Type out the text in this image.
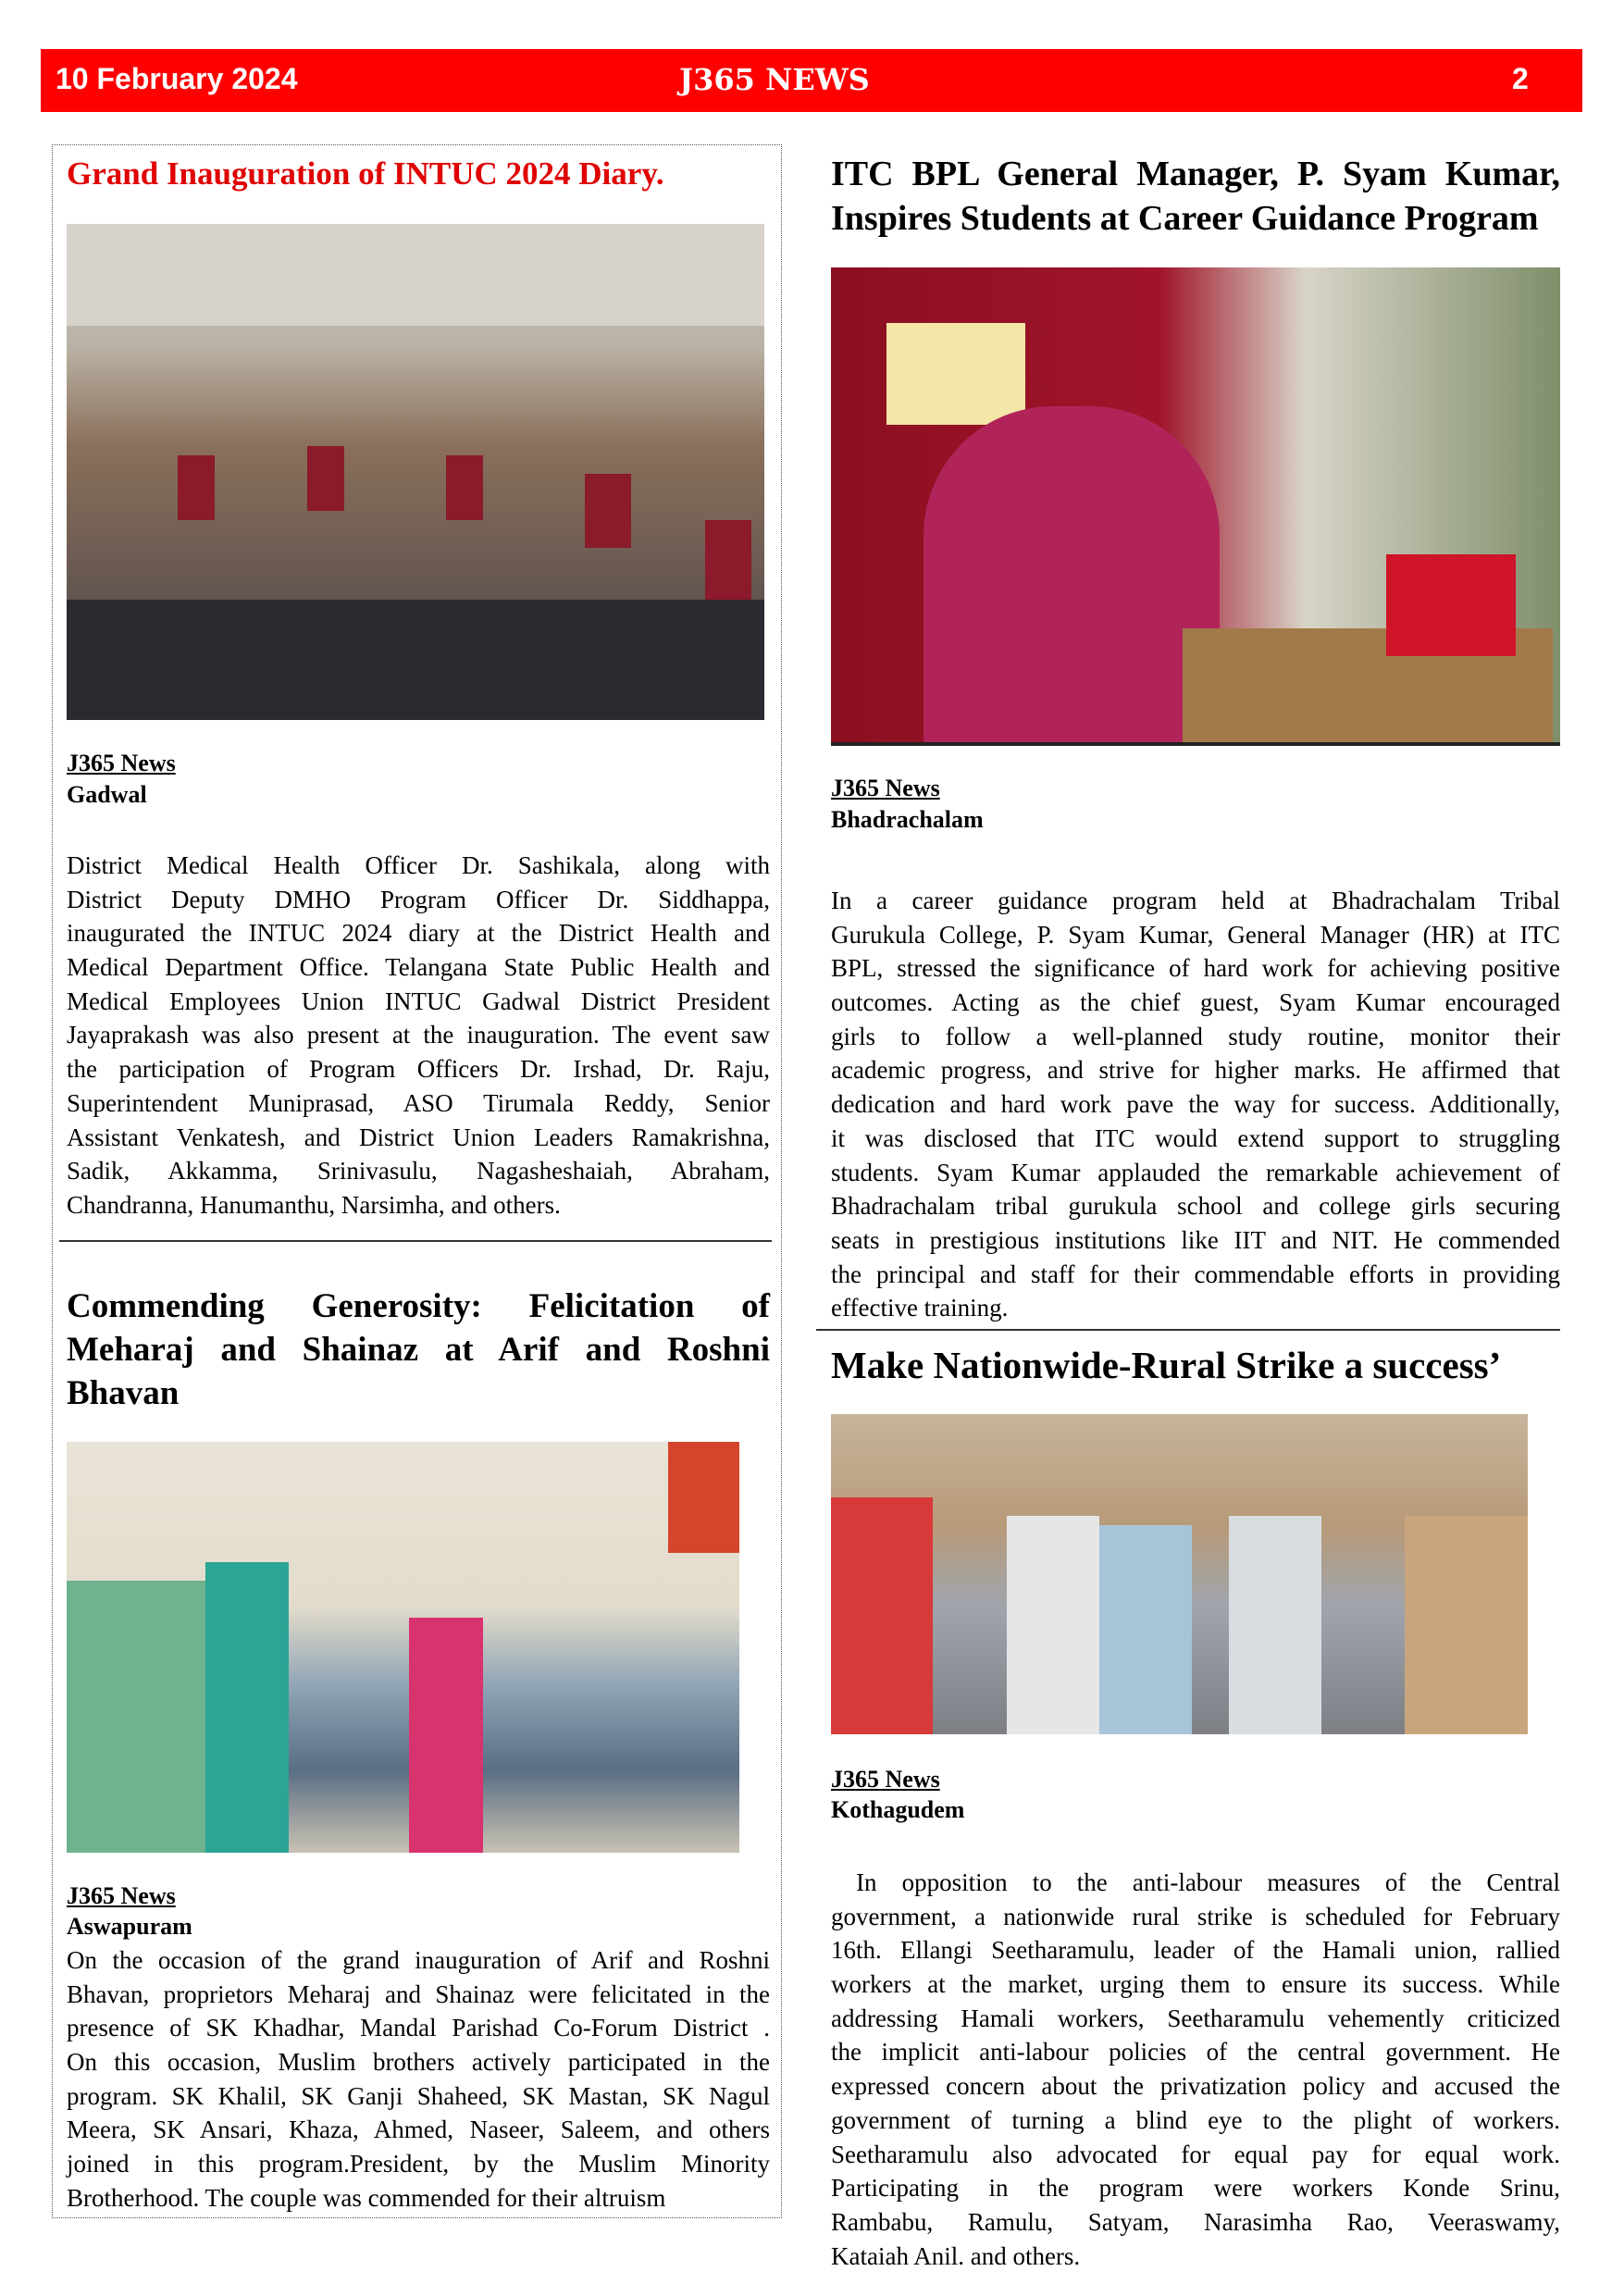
10 February 2024	J365 NEWS	2
Grand Inauguration of INTUC 2024 Diary.
J365 News
Gadwal
District Medical Health Officer Dr. Sashikala, along with
District Deputy DMHO Program Officer Dr. Siddhappa,
inaugurated the INTUC 2024 diary at the District Health and
Medical Department Office. Telangana State Public Health and
Medical Employees Union INTUC Gadwal District President
Jayaprakash was also present at the inauguration. The event saw
the participation of Program Officers Dr. Irshad, Dr. Raju,
Superintendent Muniprasad, ASO Tirumala Reddy, Senior
Assistant Venkatesh, and District Union Leaders Ramakrishna,
Sadik, Akkamma, Srinivasulu, Nagasheshaiah, Abraham,
Chandranna, Hanumanthu, Narsimha, and others.
Commending Generosity: Felicitation of
Meharaj and Shainaz at Arif and Roshni
Bhavan
J365 News
Aswapuram
On the occasion of the grand inauguration of Arif and Roshni
Bhavan, proprietors Meharaj and Shainaz were felicitated in the
presence of SK Khadhar, Mandal Parishad Co-Forum District .
On this occasion, Muslim brothers actively participated in the
program. SK Khalil, SK Ganji Shaheed, SK Mastan, SK Nagul
Meera, SK Ansari, Khaza, Ahmed, Naseer, Saleem, and others
joined in this program.President, by the Muslim Minority
Brotherhood. The couple was commended for their altruism
ITC BPL General Manager, P. Syam Kumar,
Inspires Students at Career Guidance Program
J365 News
Bhadrachalam
In a career guidance program held at Bhadrachalam Tribal
Gurukula College, P. Syam Kumar, General Manager (HR) at ITC
BPL, stressed the significance of hard work for achieving positive
outcomes. Acting as the chief guest, Syam Kumar encouraged
girls to follow a well-planned study routine, monitor their
academic progress, and strive for higher marks. He affirmed that
dedication and hard work pave the way for success. Additionally,
it was disclosed that ITC would extend support to struggling
students. Syam Kumar applauded the remarkable achievement of
Bhadrachalam tribal gurukula school and college girls securing
seats in prestigious institutions like IIT and NIT. He commended
the principal and staff for their commendable efforts in providing
effective training.
Make Nationwide-Rural Strike a success’
J365 News
Kothagudem
In opposition to the anti-labour measures of the Central
government, a nationwide rural strike is scheduled for February
16th. Ellangi Seetharamulu, leader of the Hamali union, rallied
workers at the market, urging them to ensure its success. While
addressing Hamali workers, Seetharamulu vehemently criticized
the implicit anti-labour policies of the central government. He
expressed concern about the privatization policy and accused the
government of turning a blind eye to the plight of workers.
Seetharamulu also advocated for equal pay for equal work.
Participating in the program were workers Konde Srinu,
Rambabu, Ramulu, Satyam, Narasimha Rao, Veeraswamy,
Kataiah Anil. and others.
